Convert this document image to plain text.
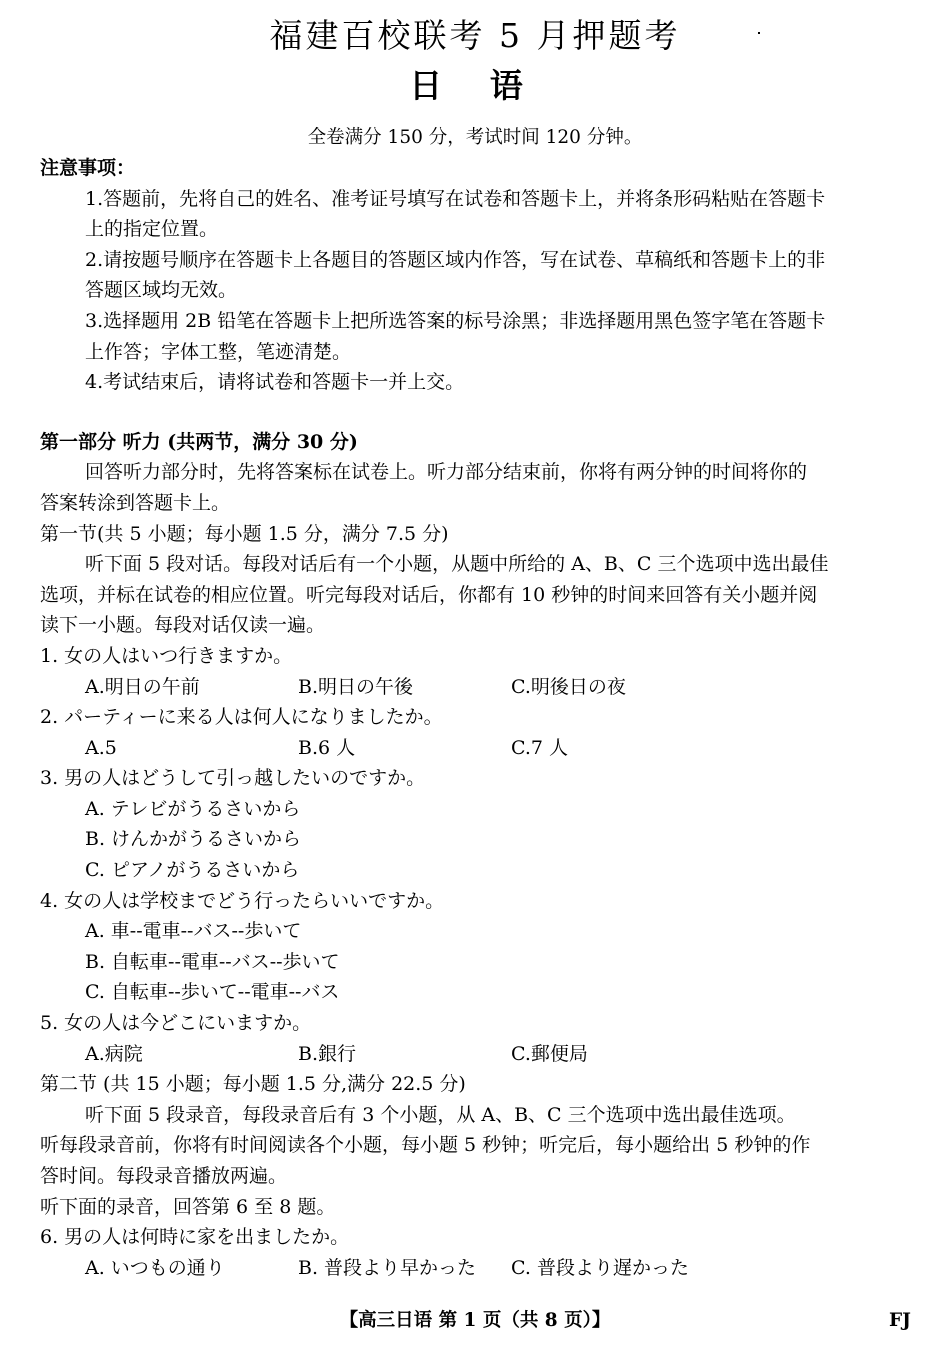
福建百校联考 5 月押题考
日 语
全卷满分 150 分，考试时间 120 分钟。
注意事项：
1.答题前，先将自己的姓名、准考证号填写在试卷和答题卡上，并将条形码粘贴在答题卡
上的指定位置。
2.请按题号顺序在答题卡上各题目的答题区域内作答，写在试卷、草稿纸和答题卡上的非
答题区域均无效。
3.选择题用 2B 铅笔在答题卡上把所选答案的标号涂黑；非选择题用黑色签字笔在答题卡
上作答；字体工整，笔迹清楚。
4.考试结束后，请将试卷和答题卡一并上交。
第一部分 听力 (共两节，满分 30 分)
回答听力部分时，先将答案标在试卷上。听力部分结束前，你将有两分钟的时间将你的
答案转涂到答题卡上。
第一节(共 5 小题；每小题 1.5 分，满分 7.5 分)
听下面 5 段对话。每段对话后有一个小题，从题中所给的 A、B、C 三个选项中选出最佳
选项，并标在试卷的相应位置。听完每段对话后，你都有 10 秒钟的时间来回答有关小题并阅
读下一小题。每段对话仅读一遍。
1. 女の人はいつ行きますか。
A.明日の午前	B.明日の午後	C.明後日の夜
2. パーティーに来る人は何人になりましたか。
A.5	B.6 人	C.7 人
3. 男の人はどうして引っ越したいのですか。
A. テレビがうるさいから
B. けんかがうるさいから
C. ピアノがうるさいから
4. 女の人は学校までどう行ったらいいですか。
A. 車--電車--バス--歩いて
B. 自転車--電車--バス--歩いて
C. 自転車--歩いて--電車--バス
5. 女の人は今どこにいますか。
A.病院	B.銀行	C.郵便局
第二节 (共 15 小题；每小题 1.5 分,满分 22.5 分)
听下面 5 段录音，每段录音后有 3 个小题，从 A、B、C 三个选项中选出最佳选项。
听每段录音前，你将有时间阅读各个小题，每小题 5 秒钟；听完后，每小题给出 5 秒钟的作
答时间。每段录音播放两遍。
听下面的录音，回答第 6 至 8 题。
6. 男の人は何時に家を出ましたか。
A. いつもの通り	B. 普段より早かった	C. 普段より遅かった
【高三日语 第 1 页（共 8 页）】	FJ
